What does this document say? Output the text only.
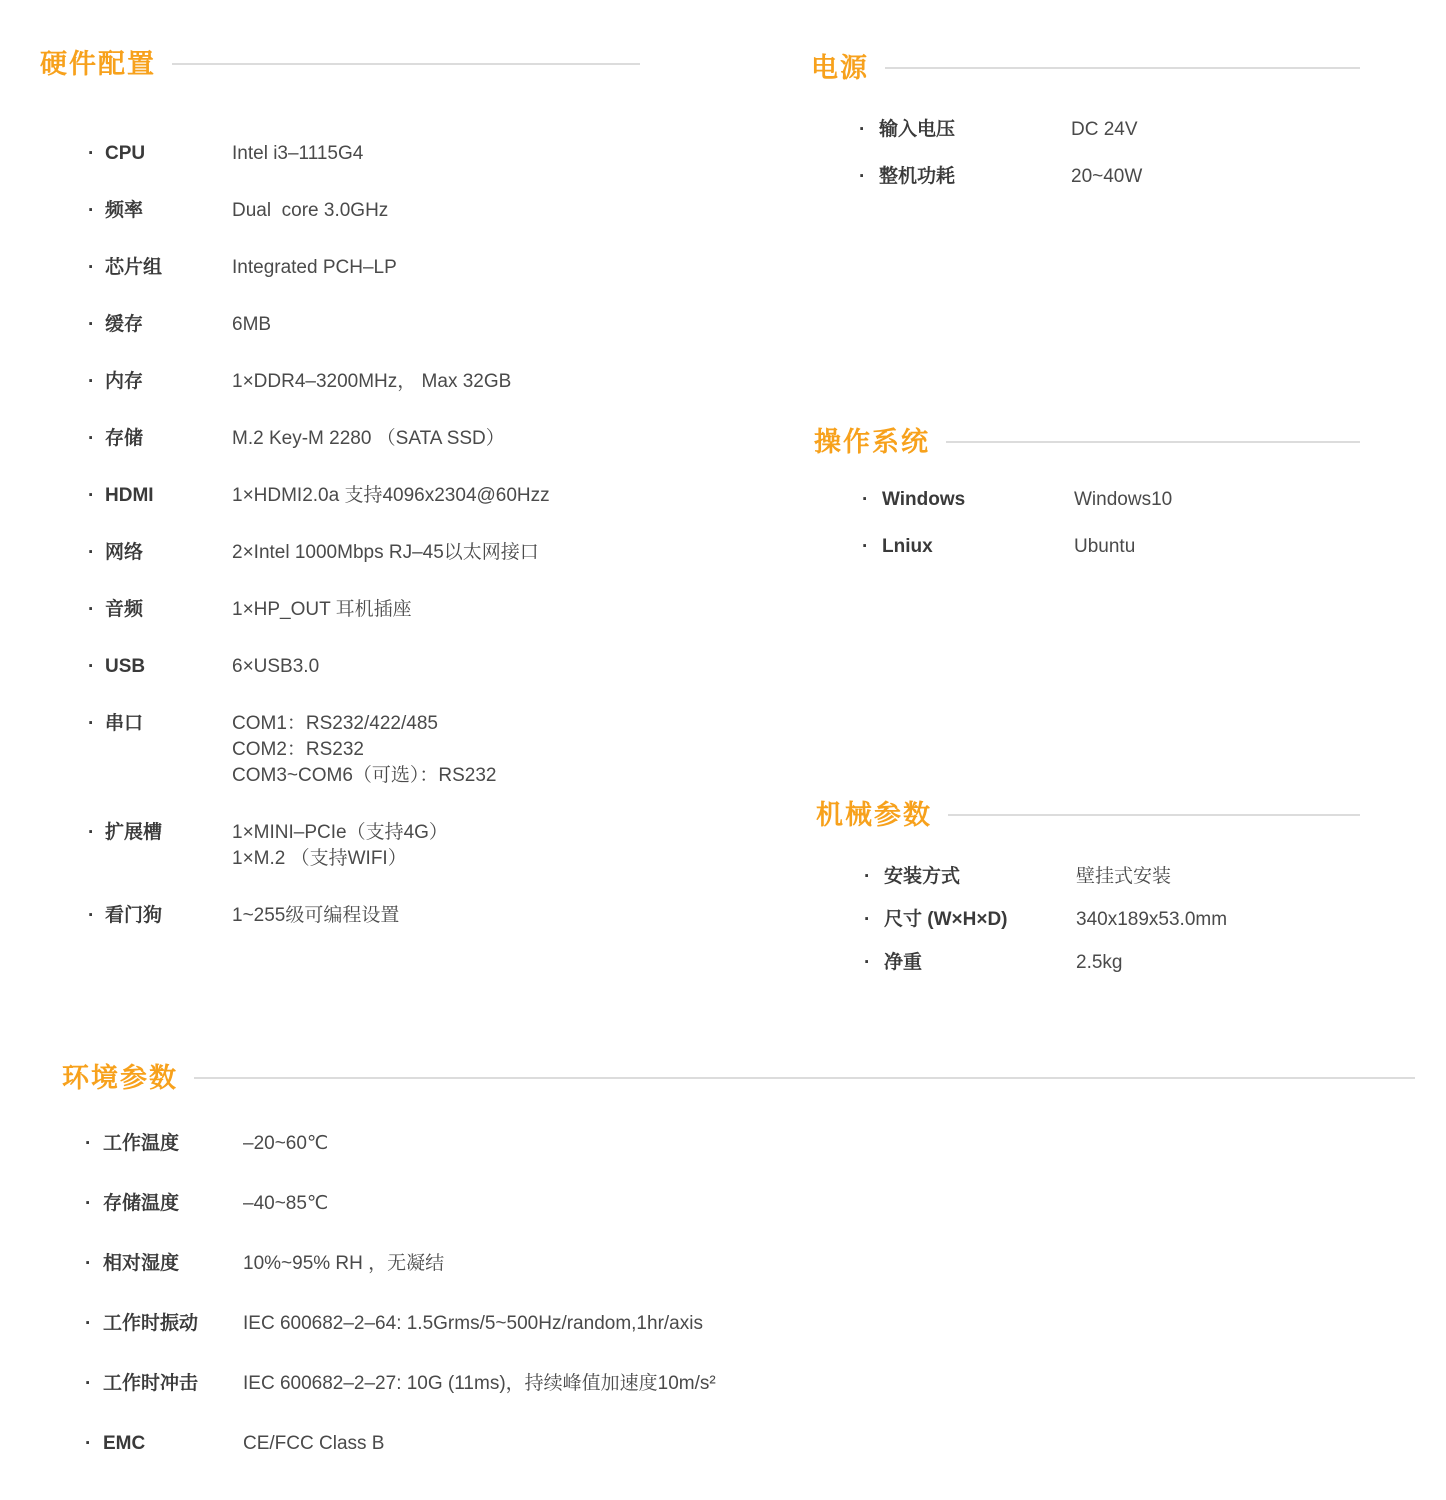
硬件配置
· CPU	Intel i3–1115G4
· 频率	Dual  core 3.0GHz
· 芯片组	Integrated PCH–LP
· 缓存	6MB
· 内存	1×DDR4–3200MHz， Max 32GB
· 存储	M.2 Key-M 2280 （SATA SSD）
· HDMI	1×HDMI2.0a 支持4096x2304@60Hzz
· 网络	2×Intel 1000Mbps RJ–45以太网接口
· 音频	1×HP_OUT 耳机插座
· USB	6×USB3.0
· 串口	COM1：RS232/422/485
COM2：RS232
COM3~COM6（可选）：RS232
· 扩展槽	1×MINI–PCIe（支持4G）
1×M.2 （支持WIFI）
· 看门狗	1~255级可编程设置
电源
· 输入电压	DC 24V
· 整机功耗	20~40W
操作系统
· Windows	Windows10
· Lniux	Ubuntu
机械参数
· 安装方式	壁挂式安装
· 尺寸 (W×H×D)	340x189x53.0mm
· 净重	2.5kg
环境参数
· 工作温度	–20~60℃
· 存储温度	–40~85℃
· 相对湿度	10%~95% RH ，无凝结
· 工作时振动	IEC 600682–2–64: 1.5Grms/5~500Hz/random,1hr/axis
· 工作时冲击	IEC 600682–2–27: 10G (11ms)，持续峰值加速度10m/s²
· EMC	CE/FCC Class B
